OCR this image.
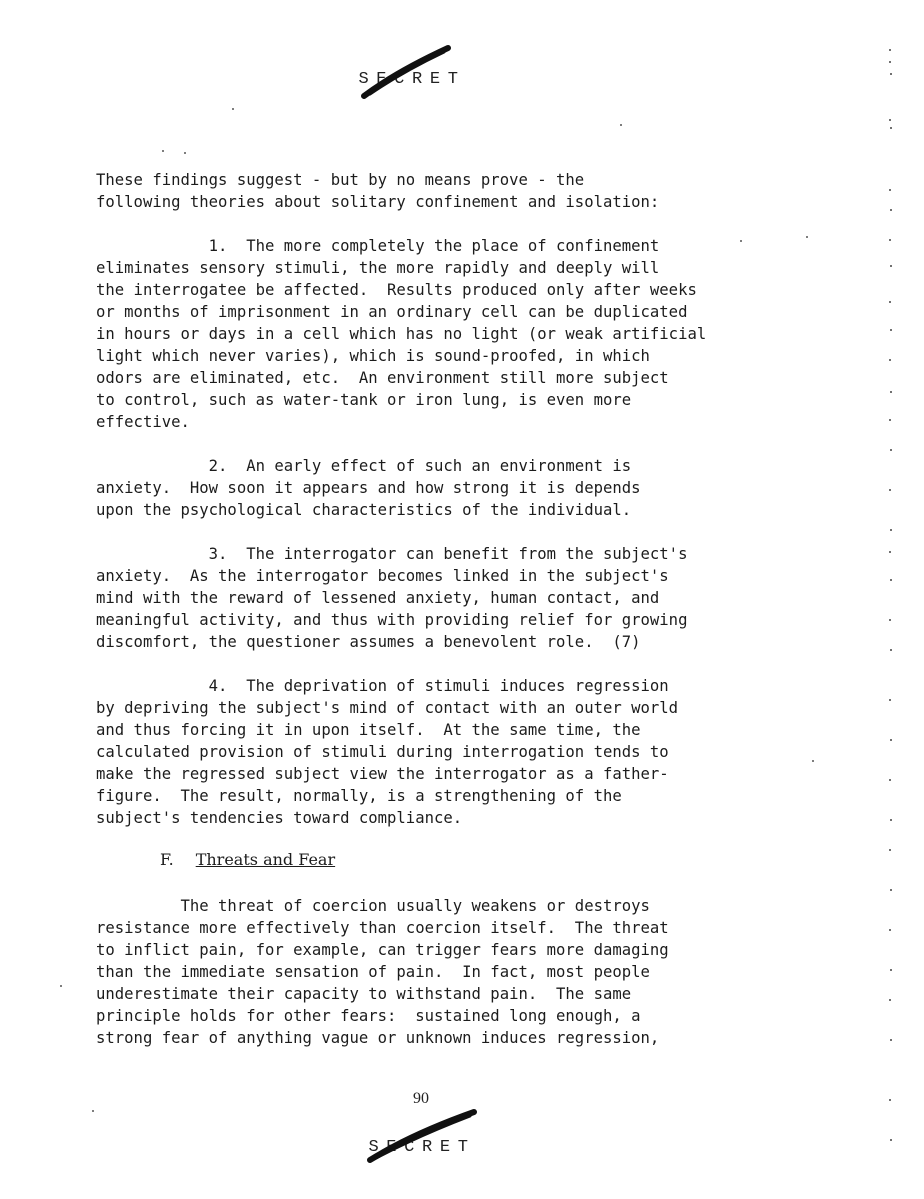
SECRET
These findings suggest - but by no means prove - the
following theories about solitary confinement and isolation:
1.  The more completely the place of confinement
eliminates sensory stimuli, the more rapidly and deeply will
the interrogatee be affected.  Results produced only after weeks
or months of imprisonment in an ordinary cell can be duplicated
in hours or days in a cell which has no light (or weak artificial
light which never varies), which is sound-proofed, in which
odors are eliminated, etc.  An environment still more subject
to control, such as water-tank or iron lung, is even more
effective.
2.  An early effect of such an environment is
anxiety.  How soon it appears and how strong it is depends
upon the psychological characteristics of the individual.
3.  The interrogator can benefit from the subject's
anxiety.  As the interrogator becomes linked in the subject's
mind with the reward of lessened anxiety, human contact, and
meaningful activity, and thus with providing relief for growing
discomfort, the questioner assumes a benevolent role.  (7)
4.  The deprivation of stimuli induces regression
by depriving the subject's mind of contact with an outer world
and thus forcing it in upon itself.  At the same time, the
calculated provision of stimuli during interrogation tends to
make the regressed subject view the interrogator as a father-
figure.  The result, normally, is a strengthening of the
subject's tendencies toward compliance.
F. Threats and Fear
The threat of coercion usually weakens or destroys
resistance more effectively than coercion itself.  The threat
to inflict pain, for example, can trigger fears more damaging
than the immediate sensation of pain.  In fact, most people
underestimate their capacity to withstand pain.  The same
principle holds for other fears:  sustained long enough, a
strong fear of anything vague or unknown induces regression,
90
SECRET
